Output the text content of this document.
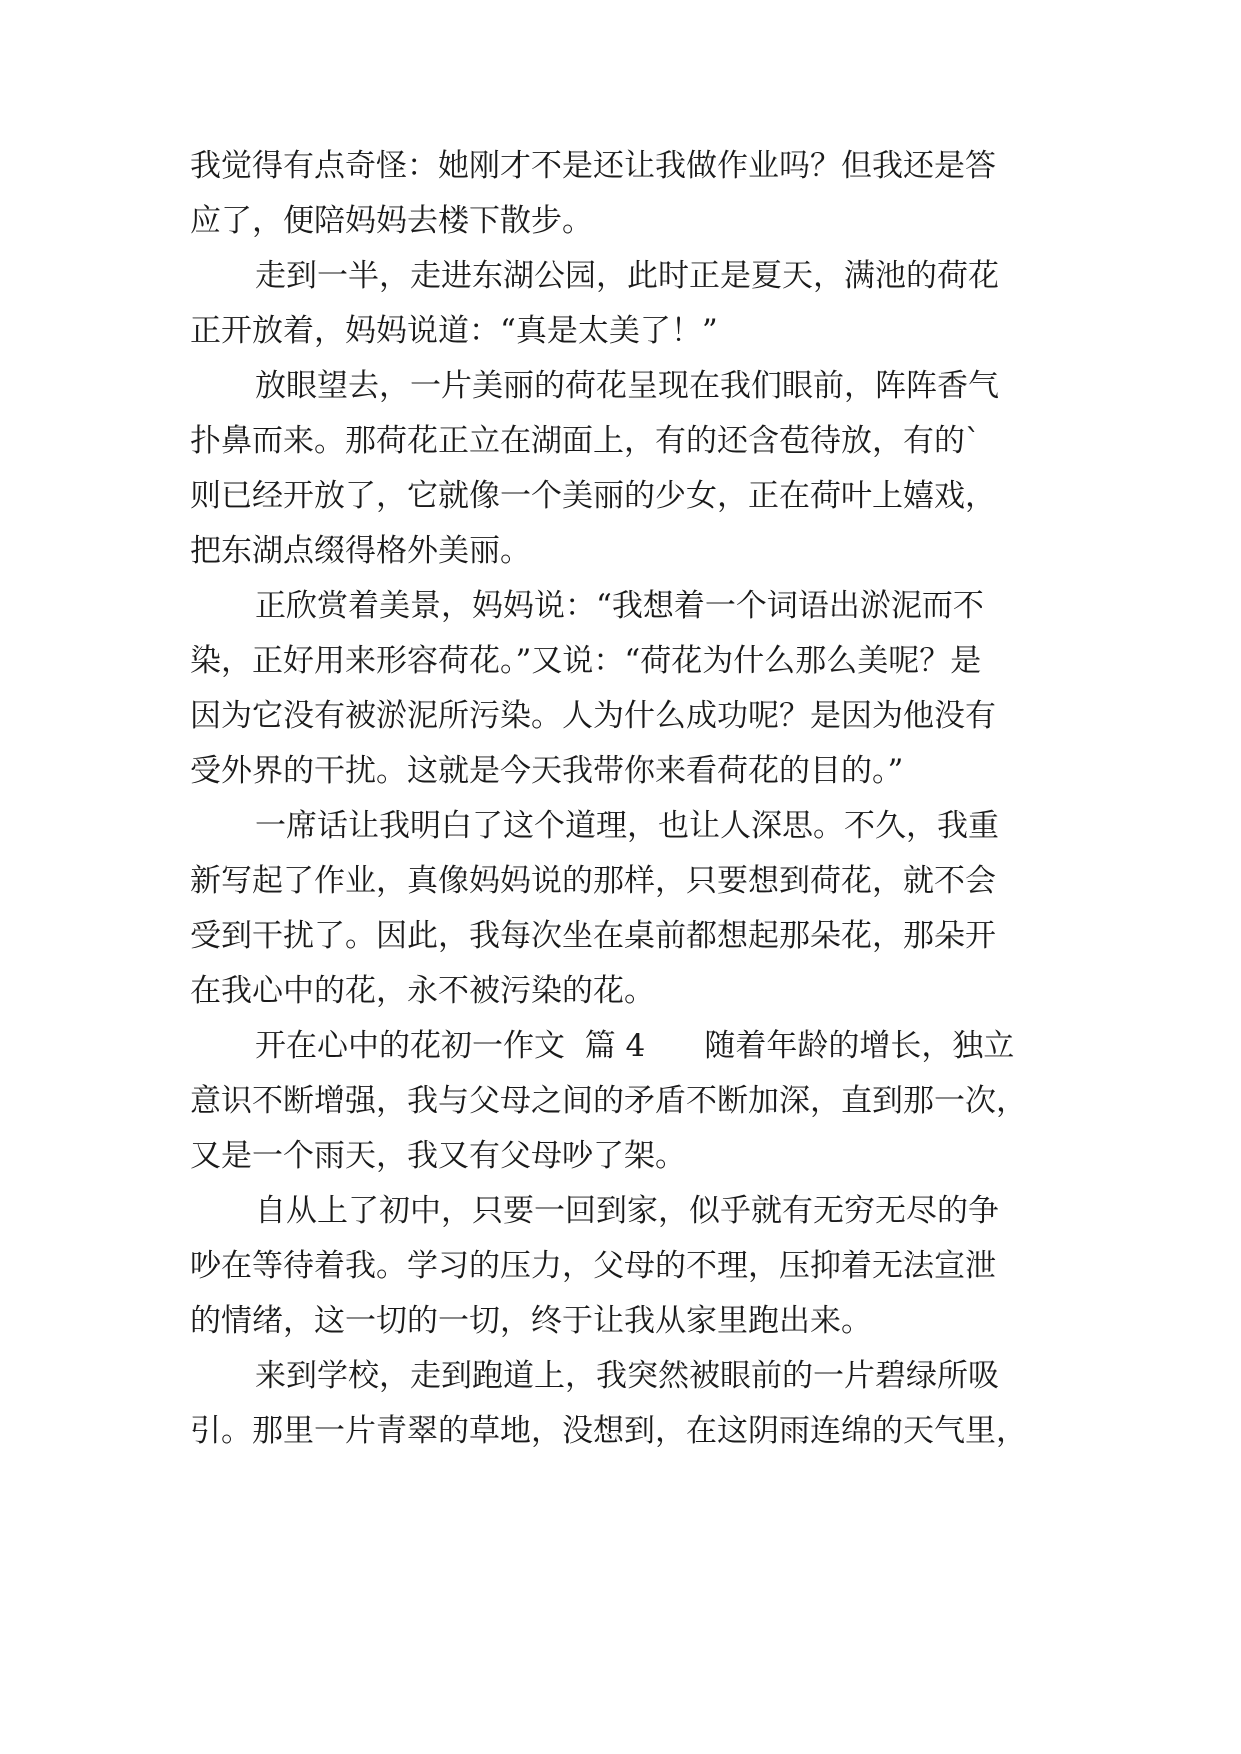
我觉得有点奇怪：她刚才不是还让我做作业吗？但我还是答
应了，便陪妈妈去楼下散步。
走到一半，走进东湖公园，此时正是夏天，满池的荷花
正开放着，妈妈说道：“真是太美了！”
放眼望去，一片美丽的荷花呈现在我们眼前，阵阵香气
扑鼻而来。那荷花正立在湖面上，有的还含苞待放，有的`
则已经开放了，它就像一个美丽的少女，正在荷叶上嬉戏，
把东湖点缀得格外美丽。
正欣赏着美景，妈妈说：“我想着一个词语出淤泥而不
染，正好用来形容荷花。”又说：“荷花为什么那么美呢？是
因为它没有被淤泥所污染。人为什么成功呢？是因为他没有
受外界的干扰。这就是今天我带你来看荷花的目的。”
一席话让我明白了这个道理，也让人深思。不久，我重
新写起了作业，真像妈妈说的那样，只要想到荷花，就不会
受到干扰了。因此，我每次坐在桌前都想起那朵花，那朵开
在我心中的花，永不被污染的花。
开在心中的花初一作文  篇 4      随着年龄的增长，独立
意识不断增强，我与父母之间的矛盾不断加深，直到那一次，
又是一个雨天，我又有父母吵了架。
自从上了初中，只要一回到家，似乎就有无穷无尽的争
吵在等待着我。学习的压力，父母的不理，压抑着无法宣泄
的情绪，这一切的一切，终于让我从家里跑出来。
来到学校，走到跑道上，我突然被眼前的一片碧绿所吸
引。那里一片青翠的草地，没想到，在这阴雨连绵的天气里，
